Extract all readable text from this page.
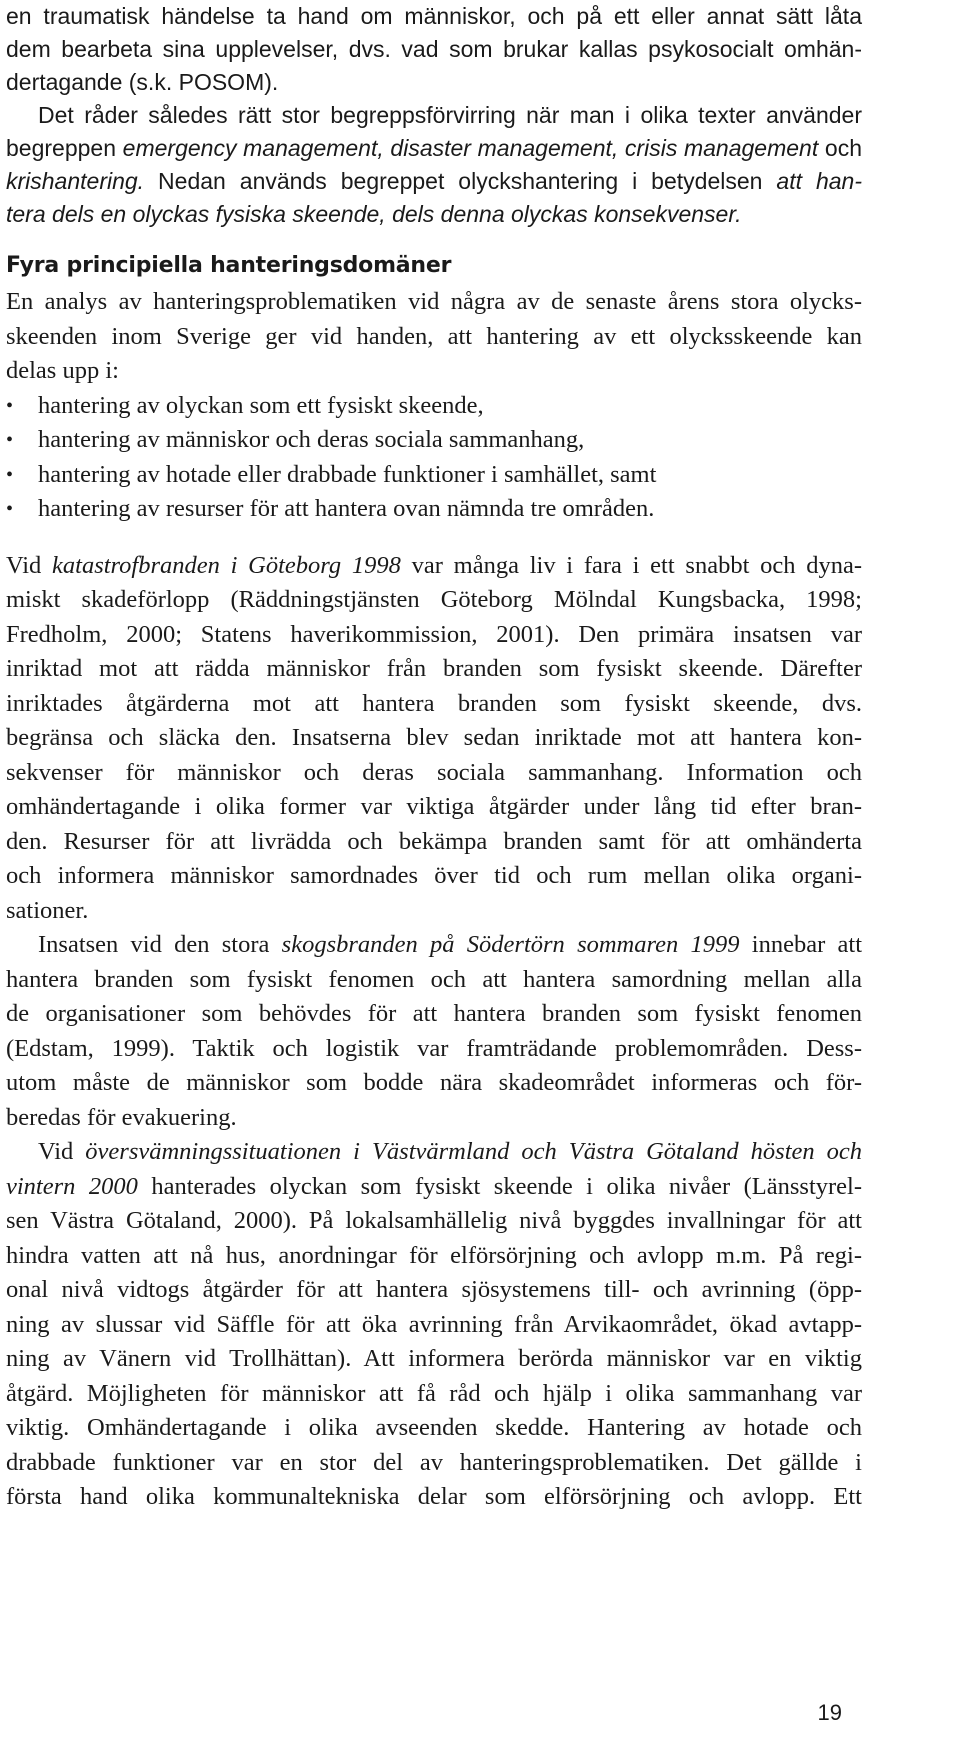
en traumatisk händelse ta hand om människor, och på ett eller annat sätt låta
dem bearbeta sina upplevelser, dvs. vad som brukar kallas psykosocialt omhän-
dertagande (s.k. POSOM).
Det råder således rätt stor begreppsförvirring när man i olika texter använder
begreppen emergency management, disaster management, crisis management och
krishantering. Nedan används begreppet olyckshantering i betydelsen att han-
tera dels en olyckas fysiska skeende, dels denna olyckas konsekvenser.
Fyra principiella hanteringsdomäner
En analys av hanteringsproblematiken vid några av de senaste årens stora olycks-
skeenden inom Sverige ger vid handen, att hantering av ett olycksskeende kan
delas upp i:
• hantering av olyckan som ett fysiskt skeende,
• hantering av människor och deras sociala sammanhang,
• hantering av hotade eller drabbade funktioner i samhället, samt
• hantering av resurser för att hantera ovan nämnda tre områden.
Vid katastrofbranden i Göteborg 1998 var många liv i fara i ett snabbt och dyna-
miskt skadeförlopp (Räddningstjänsten Göteborg Mölndal Kungsbacka, 1998;
Fredholm, 2000; Statens haverikommission, 2001). Den primära insatsen var
inriktad mot att rädda människor från branden som fysiskt skeende. Därefter
inriktades åtgärderna mot att hantera branden som fysiskt skeende, dvs.
begränsa och släcka den. Insatserna blev sedan inriktade mot att hantera kon-
sekvenser för människor och deras sociala sammanhang. Information och
omhändertagande i olika former var viktiga åtgärder under lång tid efter bran-
den. Resurser för att livrädda och bekämpa branden samt för att omhänderta
och informera människor samordnades över tid och rum mellan olika organi-
sationer.
Insatsen vid den stora skogsbranden på Södertörn sommaren 1999 innebar att
hantera branden som fysiskt fenomen och att hantera samordning mellan alla
de organisationer som behövdes för att hantera branden som fysiskt fenomen
(Edstam, 1999). Taktik och logistik var framträdande problemområden. Dess-
utom måste de människor som bodde nära skadeområdet informeras och för-
beredas för evakuering.
Vid översvämningssituationen i Västvärmland och Västra Götaland hösten och
vintern 2000 hanterades olyckan som fysiskt skeende i olika nivåer (Länsstyrel-
sen Västra Götaland, 2000). På lokalsamhällelig nivå byggdes invallningar för att
hindra vatten att nå hus, anordningar för elförsörjning och avlopp m.m. På regi-
onal nivå vidtogs åtgärder för att hantera sjösystemens till- och avrinning (öpp-
ning av slussar vid Säffle för att öka avrinning från Arvikaområdet, ökad avtapp-
ning av Vänern vid Trollhättan). Att informera berörda människor var en viktig
åtgärd. Möjligheten för människor att få råd och hjälp i olika sammanhang var
viktig. Omhändertagande i olika avseenden skedde. Hantering av hotade och
drabbade funktioner var en stor del av hanteringsproblematiken. Det gällde i
första hand olika kommunaltekniska delar som elförsörjning och avlopp. Ett
19
